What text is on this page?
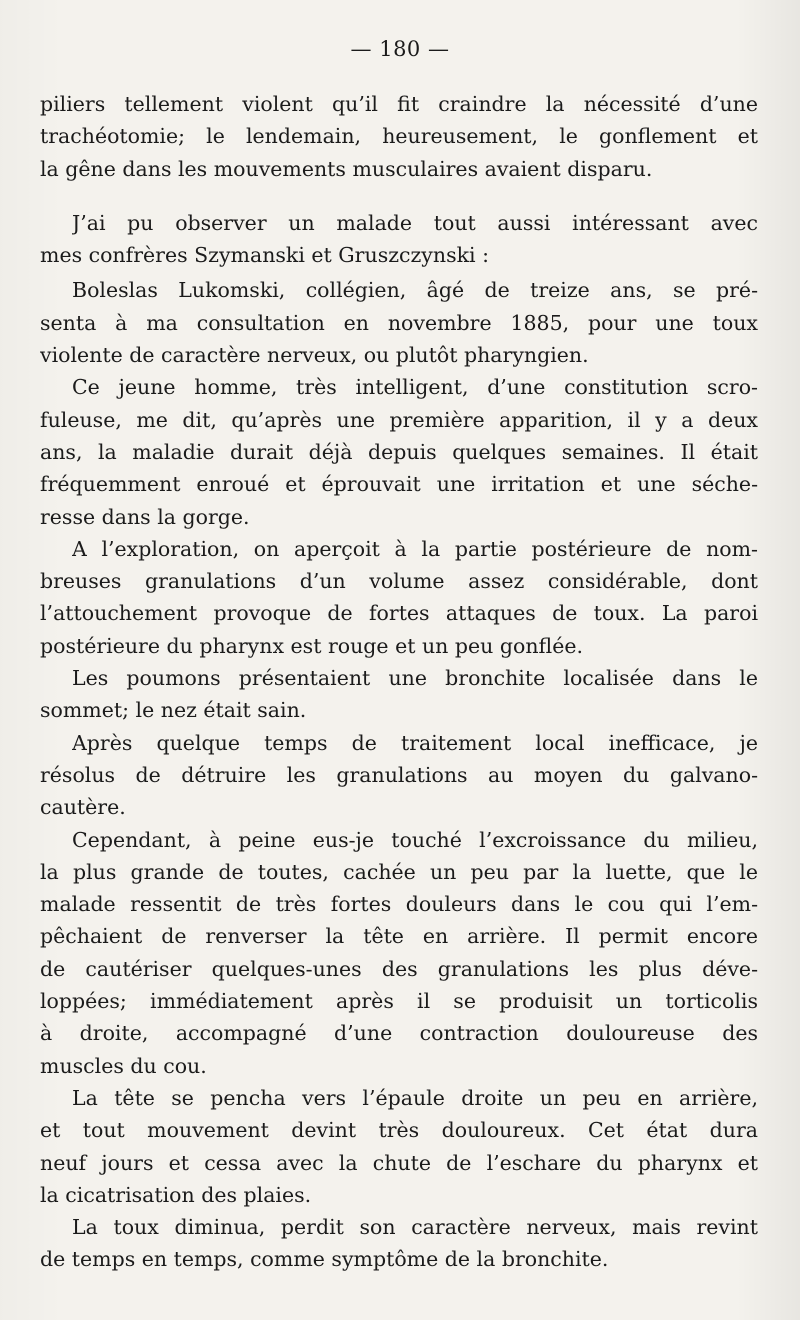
— 180 —
piliers tellement violent qu’il fit craindre la nécessité d’une
trachéotomie; le lendemain, heureusement, le gonflement et
la gêne dans les mouvements musculaires avaient disparu.
J’ai pu observer un malade tout aussi intéressant avec
mes confrères Szymanski et Gruszczynski :
Boleslas Lukomski, collégien, âgé de treize ans, se pré-
senta à ma consultation en novembre 1885, pour une toux
violente de caractère nerveux, ou plutôt pharyngien.
Ce jeune homme, très intelligent, d’une constitution scro-
fuleuse, me dit, qu’après une première apparition, il y a deux
ans, la maladie durait déjà depuis quelques semaines. Il était
fréquemment enroué et éprouvait une irritation et une séche-
resse dans la gorge.
A l’exploration, on aperçoit à la partie postérieure de nom-
breuses granulations d’un volume assez considérable, dont
l’attouchement provoque de fortes attaques de toux. La paroi
postérieure du pharynx est rouge et un peu gonflée.
Les poumons présentaient une bronchite localisée dans le
sommet; le nez était sain.
Après quelque temps de traitement local inefficace, je
résolus de détruire les granulations au moyen du galvano-
cautère.
Cependant, à peine eus-je touché l’excroissance du milieu,
la plus grande de toutes, cachée un peu par la luette, que le
malade ressentit de très fortes douleurs dans le cou qui l’em-
pêchaient de renverser la tête en arrière. Il permit encore
de cautériser quelques-unes des granulations les plus déve-
loppées; immédiatement après il se produisit un torticolis
à droite, accompagné d’une contraction douloureuse des
muscles du cou.
La tête se pencha vers l’épaule droite un peu en arrière,
et tout mouvement devint très douloureux. Cet état dura
neuf jours et cessa avec la chute de l’eschare du pharynx et
la cicatrisation des plaies.
La toux diminua, perdit son caractère nerveux, mais revint
de temps en temps, comme symptôme de la bronchite.
